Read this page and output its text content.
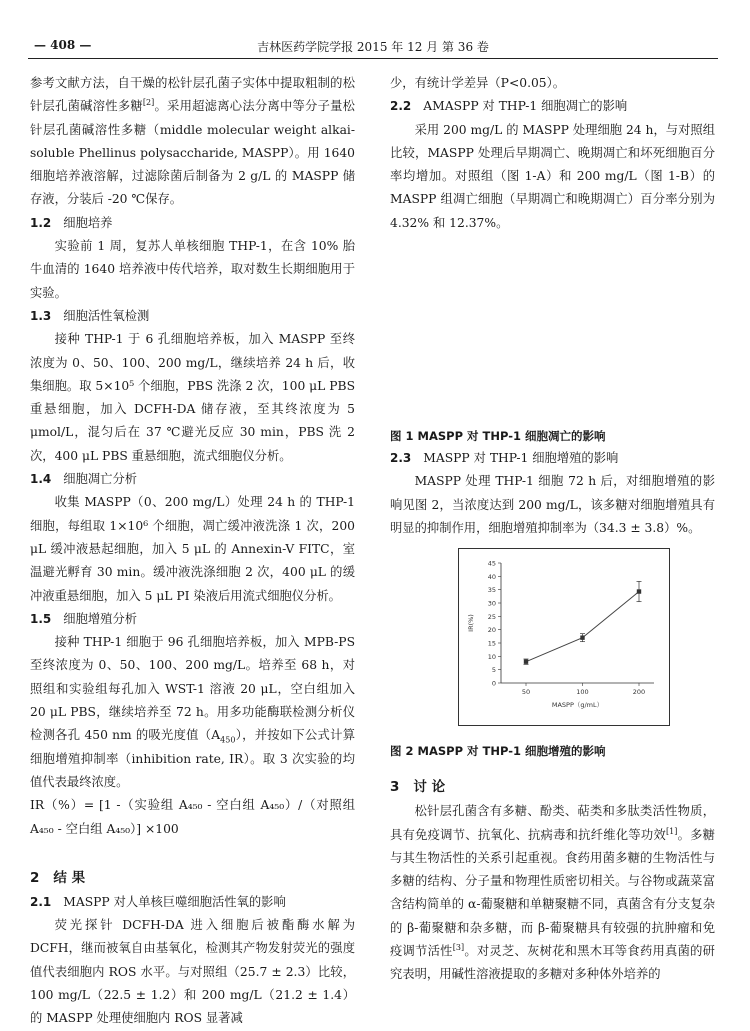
— 408 —	吉林医药学院学报 2015 年 12 月 第 36 卷

参考文献方法，自干燥的松针层孔菌子实体中提取粗制的松针层孔菌碱溶性多糖[2]。采用超滤离心法分离中等分子量松针层孔菌碱溶性多糖（middle molecular weight alkai-soluble Phellinus polysaccharide, MASPP）。用 1640 细胞培养液溶解，过滤除菌后制备为 2 g/L 的 MASPP 储存液，分装后 -20 ℃保存。

1.2 细胞培养

实验前 1 周，复苏人单核细胞 THP-1，在含 10% 胎牛血清的 1640 培养液中传代培养，取对数生长期细胞用于实验。

1.3 细胞活性氧检测

接种 THP-1 于 6 孔细胞培养板，加入 MASPP 至终浓度为 0、50、100、200 mg/L，继续培养 24 h 后，收集细胞。取 5×10⁵ 个细胞，PBS 洗涤 2 次，100 μL PBS 重悬细胞，加入 DCFH-DA 储存液，至其终浓度为 5 μmol/L，混匀后在 37 ℃避光反应 30 min，PBS 洗 2 次，400 μL PBS 重悬细胞，流式细胞仪分析。

1.4 细胞凋亡分析

收集 MASPP（0、200 mg/L）处理 24 h 的 THP-1 细胞，每组取 1×10⁶ 个细胞，凋亡缓冲液洗涤 1 次，200 μL 缓冲液悬起细胞，加入 5 μL 的 Annexin-V FITC，室温避光孵育 30 min。缓冲液洗涤细胞 2 次，400 μL 的缓冲液重悬细胞，加入 5 μL PI 染液后用流式细胞仪分析。

1.5 细胞增殖分析

接种 THP-1 细胞于 96 孔细胞培养板，加入 MPB-PS 至终浓度为 0、50、100、200 mg/L。培养至 68 h，对照组和实验组每孔加入 WST-1 溶液 20 μL，空白组加入 20 μL PBS，继续培养至 72 h。用多功能酶联检测分析仪检测各孔 450 nm 的吸光度值$(A_{450})$，并按如下公式计算细胞增殖抑制率（inhibition rate, IR）。取 3 次实验的均值代表最终浓度。

IR（%）= [1 -（实验组 A₄₅₀ - 空白组 A₄₅₀）/（对照组 A₄₅₀ - 空白组 A₄₅₀）] ×100

2 结 果

2.1 MASPP 对人单核巨噬细胞活性氧的影响

荧光探针 DCFH-DA 进入细胞后被酯酶水解为 DCFH，继而被氧自由基氧化，检测其产物发射荧光的强度值代表细胞内 ROS 水平。与对照组（25.7 ± 2.3）比较，100 mg/L（22.5 ± 1.2）和 200 mg/L（21.2 ± 1.4）的 MASPP 处理使细胞内 ROS 显著减

少，有统计学差异（P<0.05）。

2.2 AMASPP 对 THP-1 细胞凋亡的影响

采用 200 mg/L 的 MASPP 处理细胞 24 h，与对照组比较，MASPP 处理后早期凋亡、晚期凋亡和坏死细胞百分率均增加。对照组（图 1-A）和 200 mg/L（图 1-B）的 MASPP 组凋亡细胞（早期凋亡和晚期凋亡）百分率分别为 4.32% 和 12.37%。

图 1 MASPP 对 THP-1 细胞凋亡的影响

2.3 MASPP 对 THP-1 细胞增殖的影响

MASPP 处理 THP-1 细胞 72 h 后，对细胞增殖的影响见图 2，当浓度达到 200 mg/L，该多糖对细胞增殖具有明显的抑制作用，细胞增殖抑制率为（34.3 ± 3.8）%。

0
5
10
15
20
25
30
35
40
45
50	100	200
IR(%)
MASPP（g/mL）

图 2 MASPP 对 THP-1 细胞增殖的影响

3 讨 论

松针层孔菌含有多糖、酚类、萜类和多肽类活性物质，具有免疫调节、抗氧化、抗病毒和抗纤维化等功效[1]。多糖与其生物活性的关系引起重视。食药用菌多糖的生物活性与多糖的结构、分子量和物理性质密切相关。与谷物或蔬菜富含结构简单的 α-葡聚糖和单糖聚糖不同，真菌含有分支复杂的 β-葡聚糖和杂多糖，而 β-葡聚糖具有较强的抗肿瘤和免疫调节活性[3]。对灵芝、灰树花和黑木耳等食药用真菌的研究表明，用碱性溶液提取的多糖对多种体外培养的
